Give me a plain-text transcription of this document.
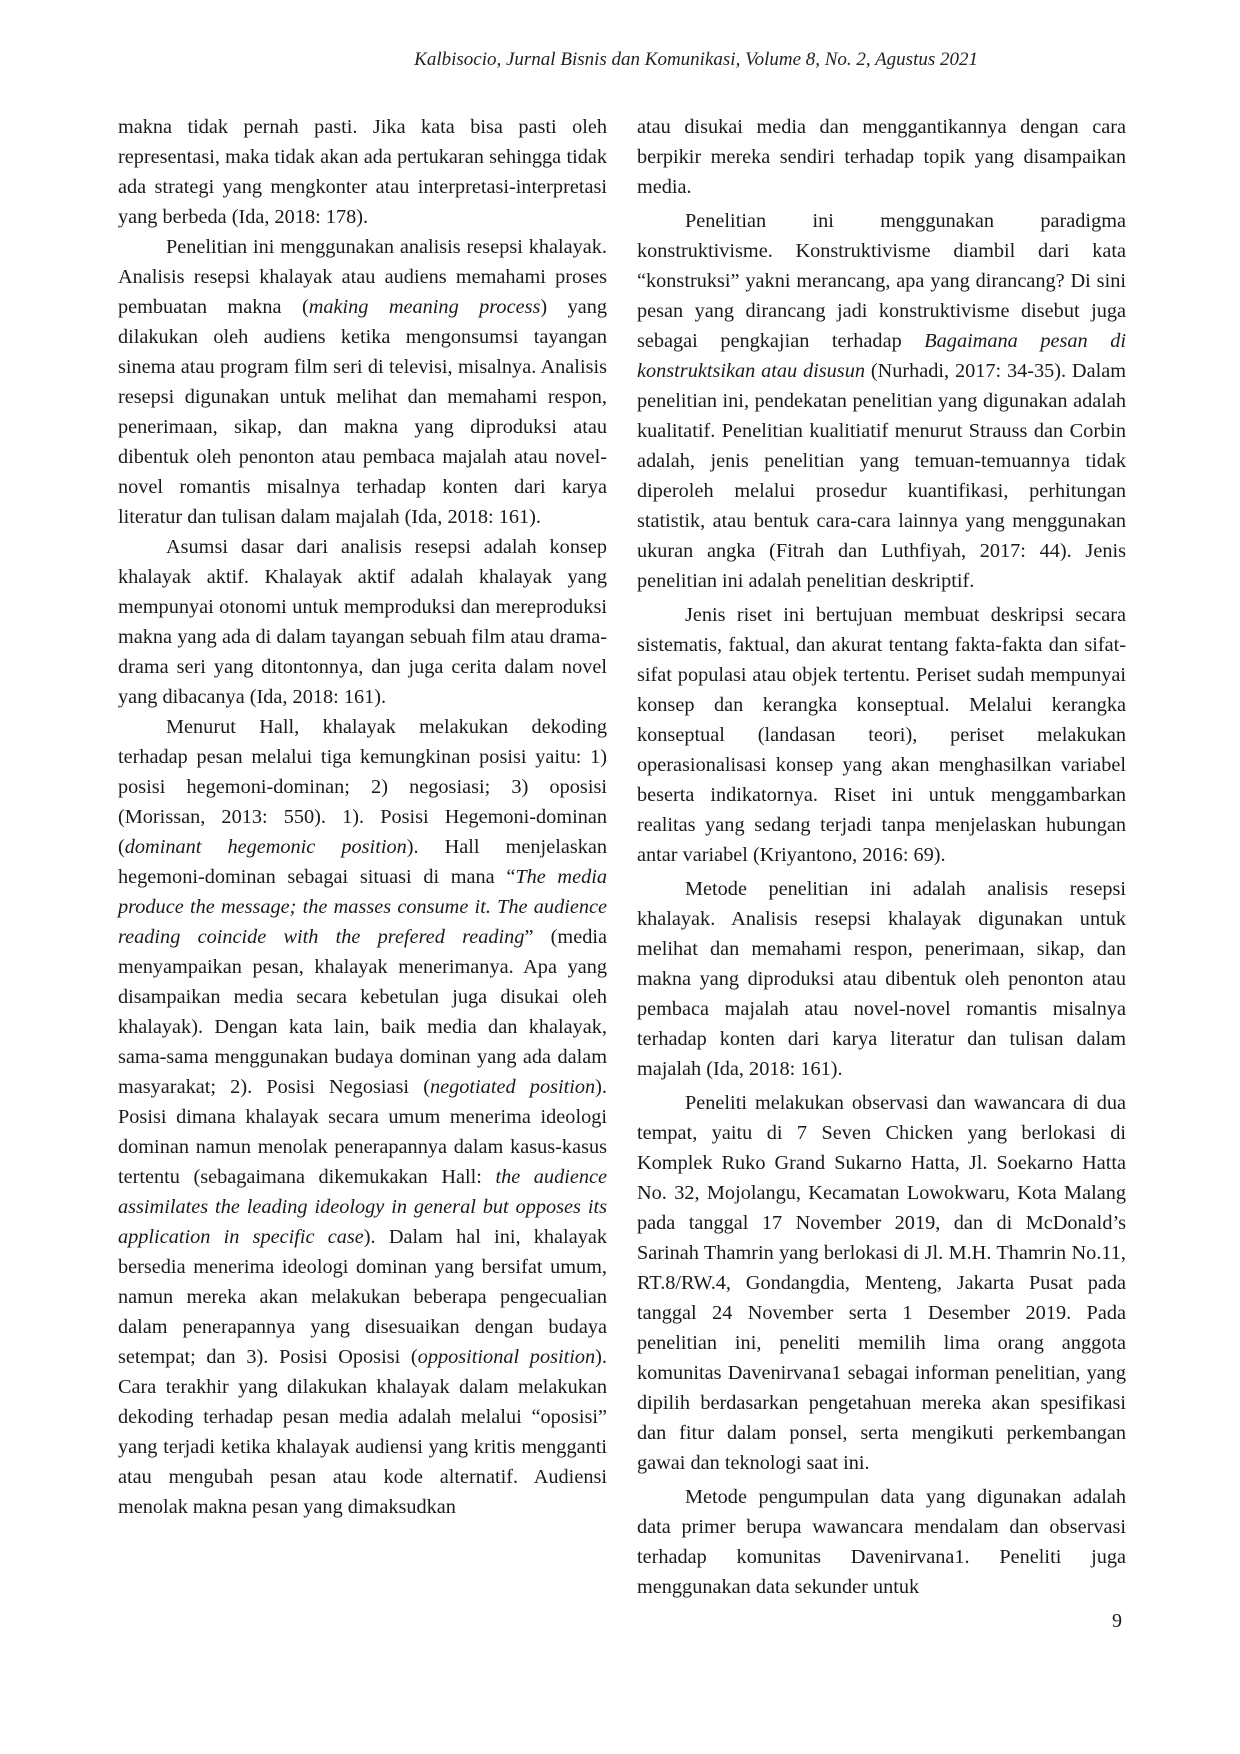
Kalbisocio, Jurnal Bisnis dan Komunikasi, Volume 8, No. 2, Agustus 2021

makna tidak pernah pasti. Jika kata bisa pasti oleh representasi, maka tidak akan ada pertukaran sehingga tidak ada strategi yang mengkonter atau interpretasi-interpretasi yang berbeda (Ida, 2018: 178).

Penelitian ini menggunakan analisis resepsi khalayak. Analisis resepsi khalayak atau audiens memahami proses pembuatan makna (making meaning process) yang dilakukan oleh audiens ketika mengonsumsi tayangan sinema atau program film seri di televisi, misalnya. Analisis resepsi digunakan untuk melihat dan memahami respon, penerimaan, sikap, dan makna yang diproduksi atau dibentuk oleh penonton atau pembaca majalah atau novel-novel romantis misalnya terhadap konten dari karya literatur dan tulisan dalam majalah (Ida, 2018: 161).

Asumsi dasar dari analisis resepsi adalah konsep khalayak aktif. Khalayak aktif adalah khalayak yang mempunyai otonomi untuk memproduksi dan mereproduksi makna yang ada di dalam tayangan sebuah film atau drama-drama seri yang ditontonnya, dan juga cerita dalam novel yang dibacanya (Ida, 2018: 161).

Menurut Hall, khalayak melakukan dekoding terhadap pesan melalui tiga kemungkinan posisi yaitu: 1) posisi hegemoni-dominan; 2) negosiasi; 3) oposisi (Morissan, 2013: 550). 1). Posisi Hegemoni-dominan (dominant hegemonic position). Hall menjelaskan hegemoni-dominan sebagai situasi di mana “The media produce the message; the masses consume it. The audience reading coincide with the prefered reading” (media menyampaikan pesan, khalayak menerimanya. Apa yang disampaikan media secara kebetulan juga disukai oleh khalayak). Dengan kata lain, baik media dan khalayak, sama-sama menggunakan budaya dominan yang ada dalam masyarakat; 2). Posisi Negosiasi (negotiated position). Posisi dimana khalayak secara umum menerima ideologi dominan namun menolak penerapannya dalam kasus-kasus tertentu (sebagaimana dikemukakan Hall: the audience assimilates the leading ideology in general but opposes its application in specific case). Dalam hal ini, khalayak bersedia menerima ideologi dominan yang bersifat umum, namun mereka akan melakukan beberapa pengecualian dalam penerapannya yang disesuaikan dengan budaya setempat; dan 3). Posisi Oposisi (oppositional position). Cara terakhir yang dilakukan khalayak dalam melakukan dekoding terhadap pesan media adalah melalui “oposisi” yang terjadi ketika khalayak audiensi yang kritis mengganti atau mengubah pesan atau kode alternatif. Audiensi menolak makna pesan yang dimaksudkan

atau disukai media dan menggantikannya dengan cara berpikir mereka sendiri terhadap topik yang disampaikan media.

Penelitian ini menggunakan paradigma konstruktivisme. Konstruktivisme diambil dari kata “konstruksi” yakni merancang, apa yang dirancang? Di sini pesan yang dirancang jadi konstruktivisme disebut juga sebagai pengkajian terhadap Bagaimana pesan di konstruktsikan atau disusun (Nurhadi, 2017: 34-35). Dalam penelitian ini, pendekatan penelitian yang digunakan adalah kualitatif. Penelitian kualitiatif menurut Strauss dan Corbin adalah, jenis penelitian yang temuan-temuannya tidak diperoleh melalui prosedur kuantifikasi, perhitungan statistik, atau bentuk cara-cara lainnya yang menggunakan ukuran angka (Fitrah dan Luthfiyah, 2017: 44). Jenis penelitian ini adalah penelitian deskriptif.

Jenis riset ini bertujuan membuat deskripsi secara sistematis, faktual, dan akurat tentang fakta-fakta dan sifat-sifat populasi atau objek tertentu. Periset sudah mempunyai konsep dan kerangka konseptual. Melalui kerangka konseptual (landasan teori), periset melakukan operasionalisasi konsep yang akan menghasilkan variabel beserta indikatornya. Riset ini untuk menggambarkan realitas yang sedang terjadi tanpa menjelaskan hubungan antar variabel (Kriyantono, 2016: 69).

Metode penelitian ini adalah analisis resepsi khalayak. Analisis resepsi khalayak digunakan untuk melihat dan memahami respon, penerimaan, sikap, dan makna yang diproduksi atau dibentuk oleh penonton atau pembaca majalah atau novel-novel romantis misalnya terhadap konten dari karya literatur dan tulisan dalam majalah (Ida, 2018: 161).

Peneliti melakukan observasi dan wawancara di dua tempat, yaitu di 7 Seven Chicken yang berlokasi di Komplek Ruko Grand Sukarno Hatta, Jl. Soekarno Hatta No. 32, Mojolangu, Kecamatan Lowokwaru, Kota Malang pada tanggal 17 November 2019, dan di McDonald’s Sarinah Thamrin yang berlokasi di Jl. M.H. Thamrin No.11, RT.8/RW.4, Gondangdia, Menteng, Jakarta Pusat pada tanggal 24 November serta 1 Desember 2019. Pada penelitian ini, peneliti memilih lima orang anggota komunitas Davenirvana1 sebagai informan penelitian, yang dipilih berdasarkan pengetahuan mereka akan spesifikasi dan fitur dalam ponsel, serta mengikuti perkembangan gawai dan teknologi saat ini.

Metode pengumpulan data yang digunakan adalah data primer berupa wawancara mendalam dan observasi terhadap komunitas Davenirvana1. Peneliti juga menggunakan data sekunder untuk

9
